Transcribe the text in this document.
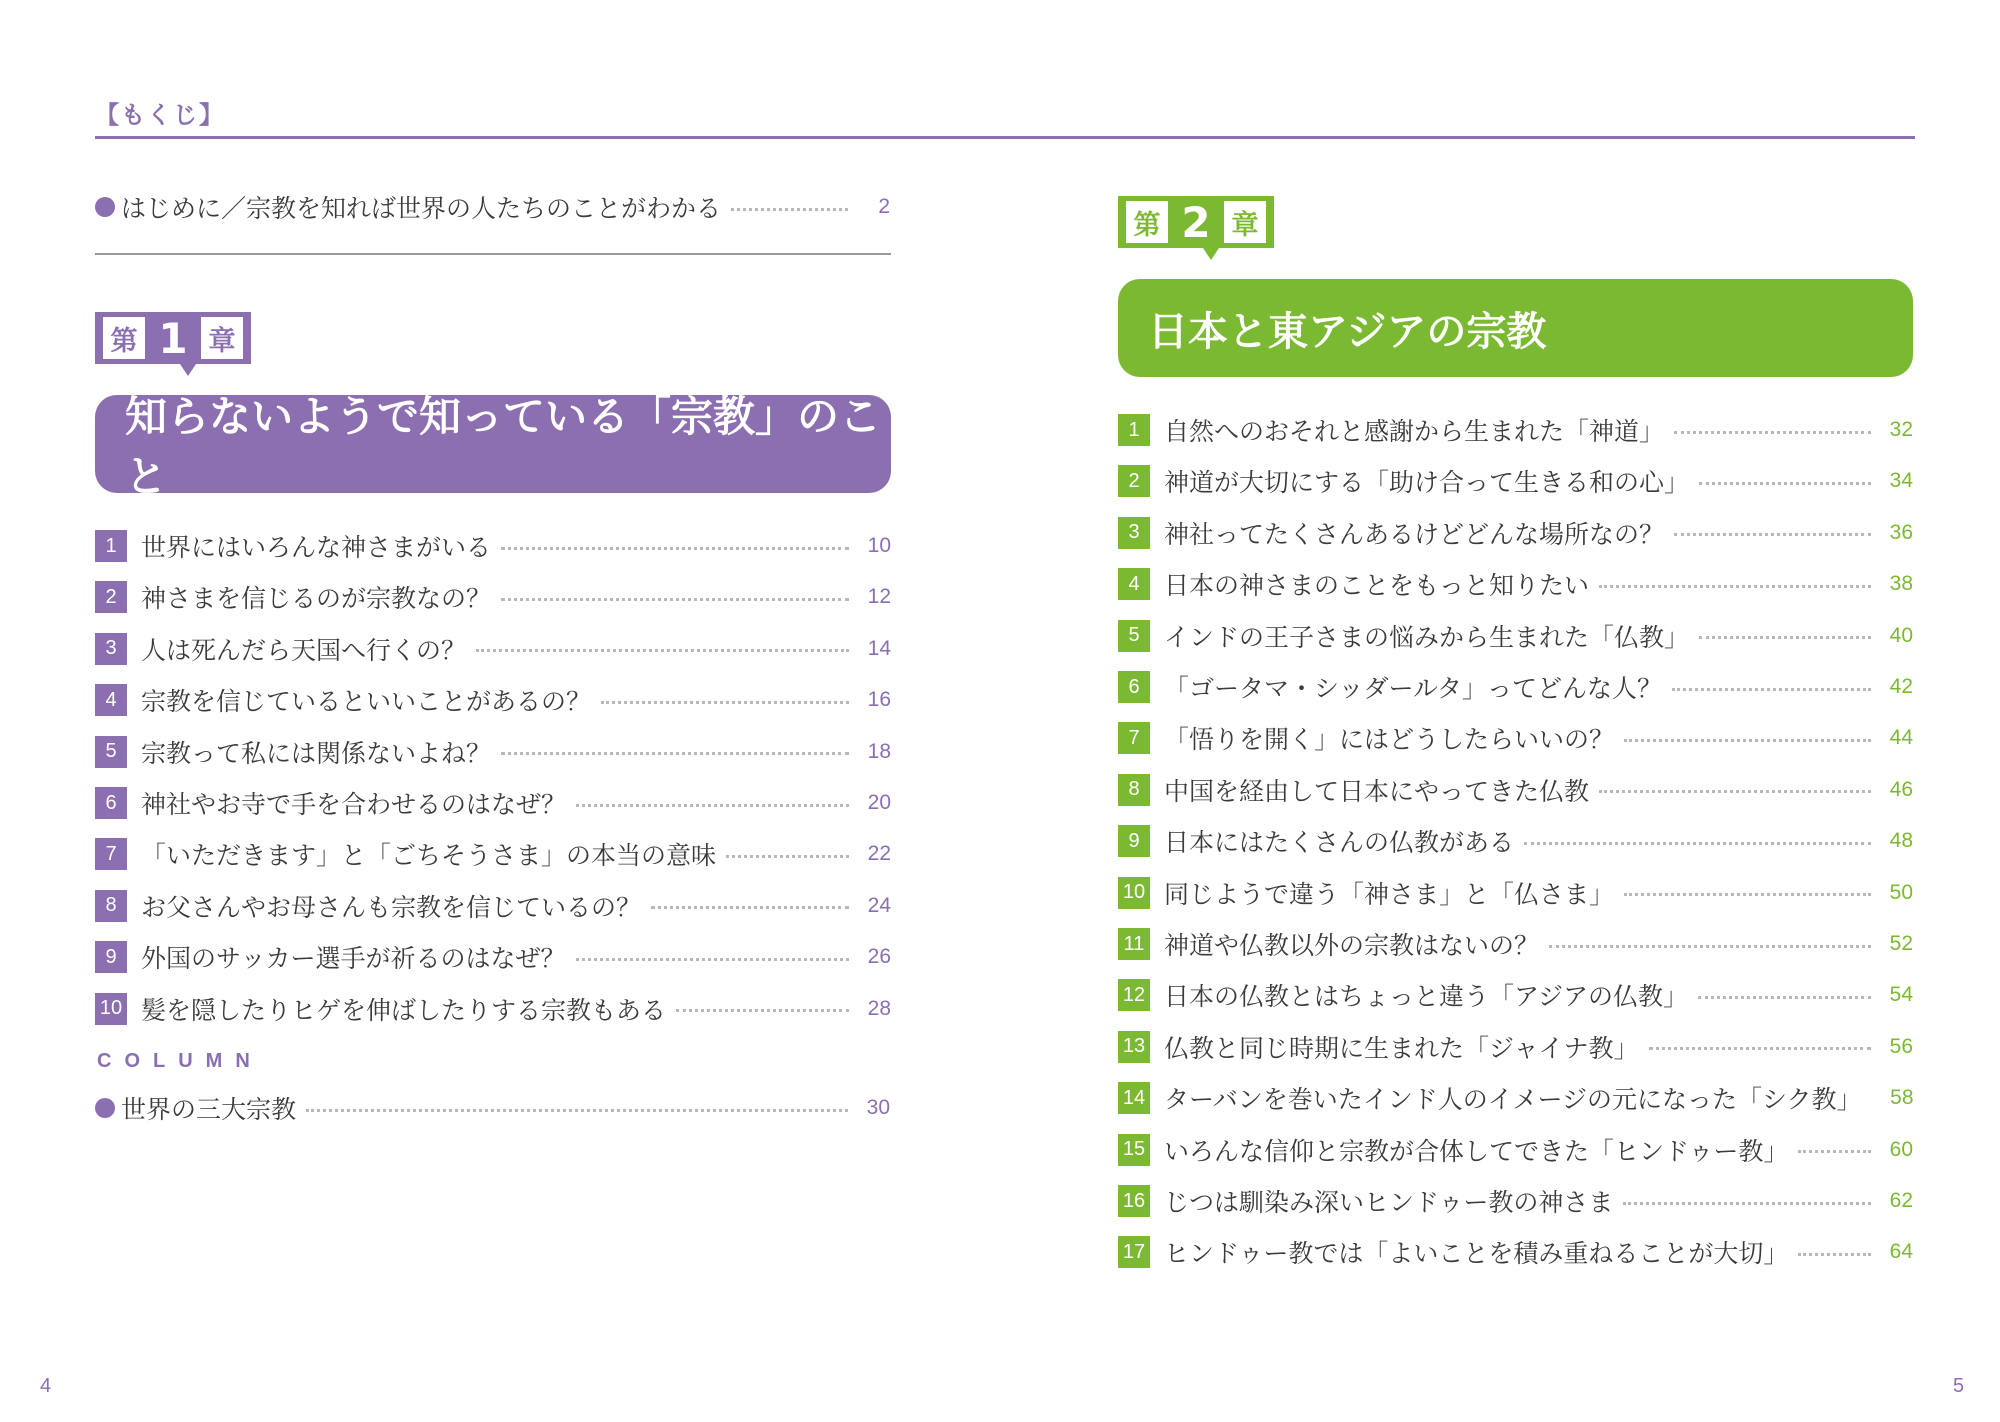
【もくじ】
はじめに／宗教を知れば世界の人たちのことがわかる	2
第 1 章
知らないようで知っている「宗教」のこと
1 世界にはいろんな神さまがいる	10
2 神さまを信じるのが宗教なの？	12
3 人は死んだら天国へ行くの？	14
4 宗教を信じているといいことがあるの？	16
5 宗教って私には関係ないよね？	18
6 神社やお寺で手を合わせるのはなぜ？	20
7 「いただきます」と「ごちそうさま」の本当の意味	22
8 お父さんやお母さんも宗教を信じているの？	24
9 外国のサッカー選手が祈るのはなぜ？	26
10 髪を隠したりヒゲを伸ばしたりする宗教もある	28
COLUMN
世界の三大宗教	30
第 2 章
日本と東アジアの宗教
1 自然へのおそれと感謝から生まれた「神道」	32
2 神道が大切にする「助け合って生きる和の心」	34
3 神社ってたくさんあるけどどんな場所なの？	36
4 日本の神さまのことをもっと知りたい	38
5 インドの王子さまの悩みから生まれた「仏教」	40
6 「ゴータマ・シッダールタ」ってどんな人？	42
7 「悟りを開く」にはどうしたらいいの？	44
8 中国を経由して日本にやってきた仏教	46
9 日本にはたくさんの仏教がある	48
10 同じようで違う「神さま」と「仏さま」	50
11 神道や仏教以外の宗教はないの？	52
12 日本の仏教とはちょっと違う「アジアの仏教」	54
13 仏教と同じ時期に生まれた「ジャイナ教」	56
14 ターバンを巻いたインド人のイメージの元になった「シク教」	58
15 いろんな信仰と宗教が合体してできた「ヒンドゥー教」	60
16 じつは馴染み深いヒンドゥー教の神さま	62
17 ヒンドゥー教では「よいことを積み重ねることが大切」	64
4	5
